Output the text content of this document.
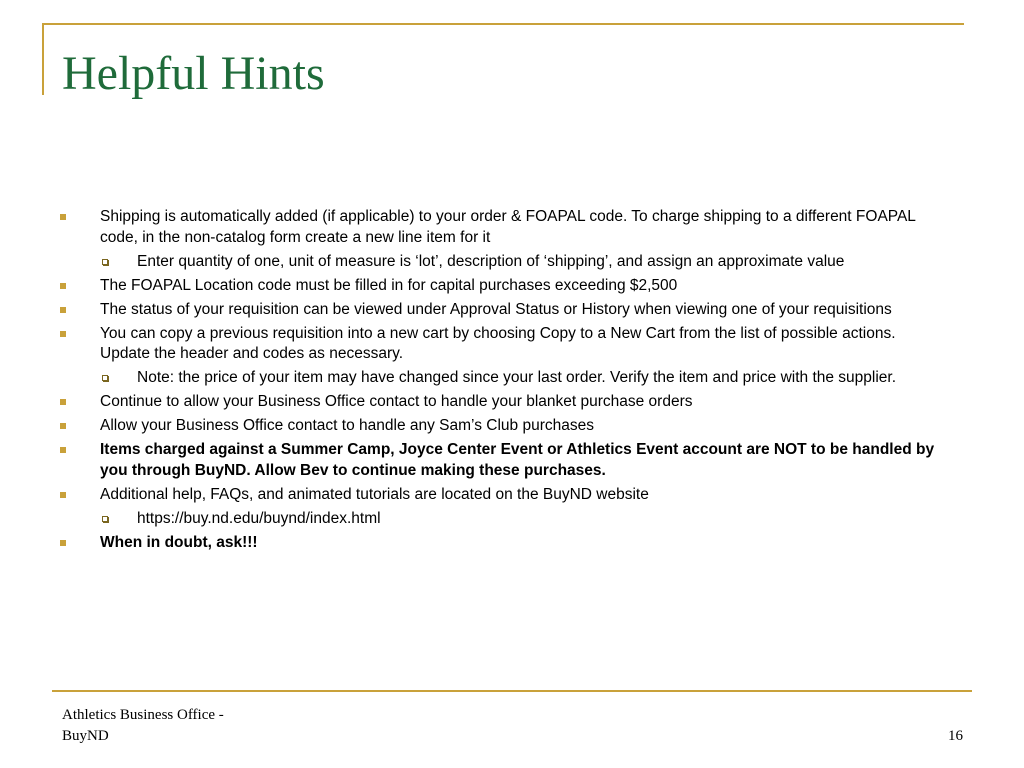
Helpful Hints
Shipping is automatically added (if applicable) to your order & FOAPAL code. To charge shipping to a different FOAPAL code, in the non-catalog form create a new line item for it
Enter quantity of one, unit of measure is ‘lot’, description of ‘shipping’, and assign an approximate value
The FOAPAL Location code must be filled in for capital purchases exceeding $2,500
The status of your requisition can be viewed under Approval Status or History when viewing one of your requisitions
You can copy a previous requisition into a new cart by choosing Copy to a New Cart from the list of possible actions. Update the header and codes as necessary.
Note: the price of your item may have changed since your last order. Verify the item and price with the supplier.
Continue to allow your Business Office contact to handle your blanket purchase orders
Allow your Business Office contact to handle any Sam’s Club purchases
Items charged against a Summer Camp, Joyce Center Event or Athletics Event account are NOT to be handled by you through BuyND. Allow Bev to continue making these purchases.
Additional help, FAQs, and animated tutorials are located on the BuyND website
https://buy.nd.edu/buynd/index.html
When in doubt, ask!!!
Athletics Business Office -
BuyND	16
